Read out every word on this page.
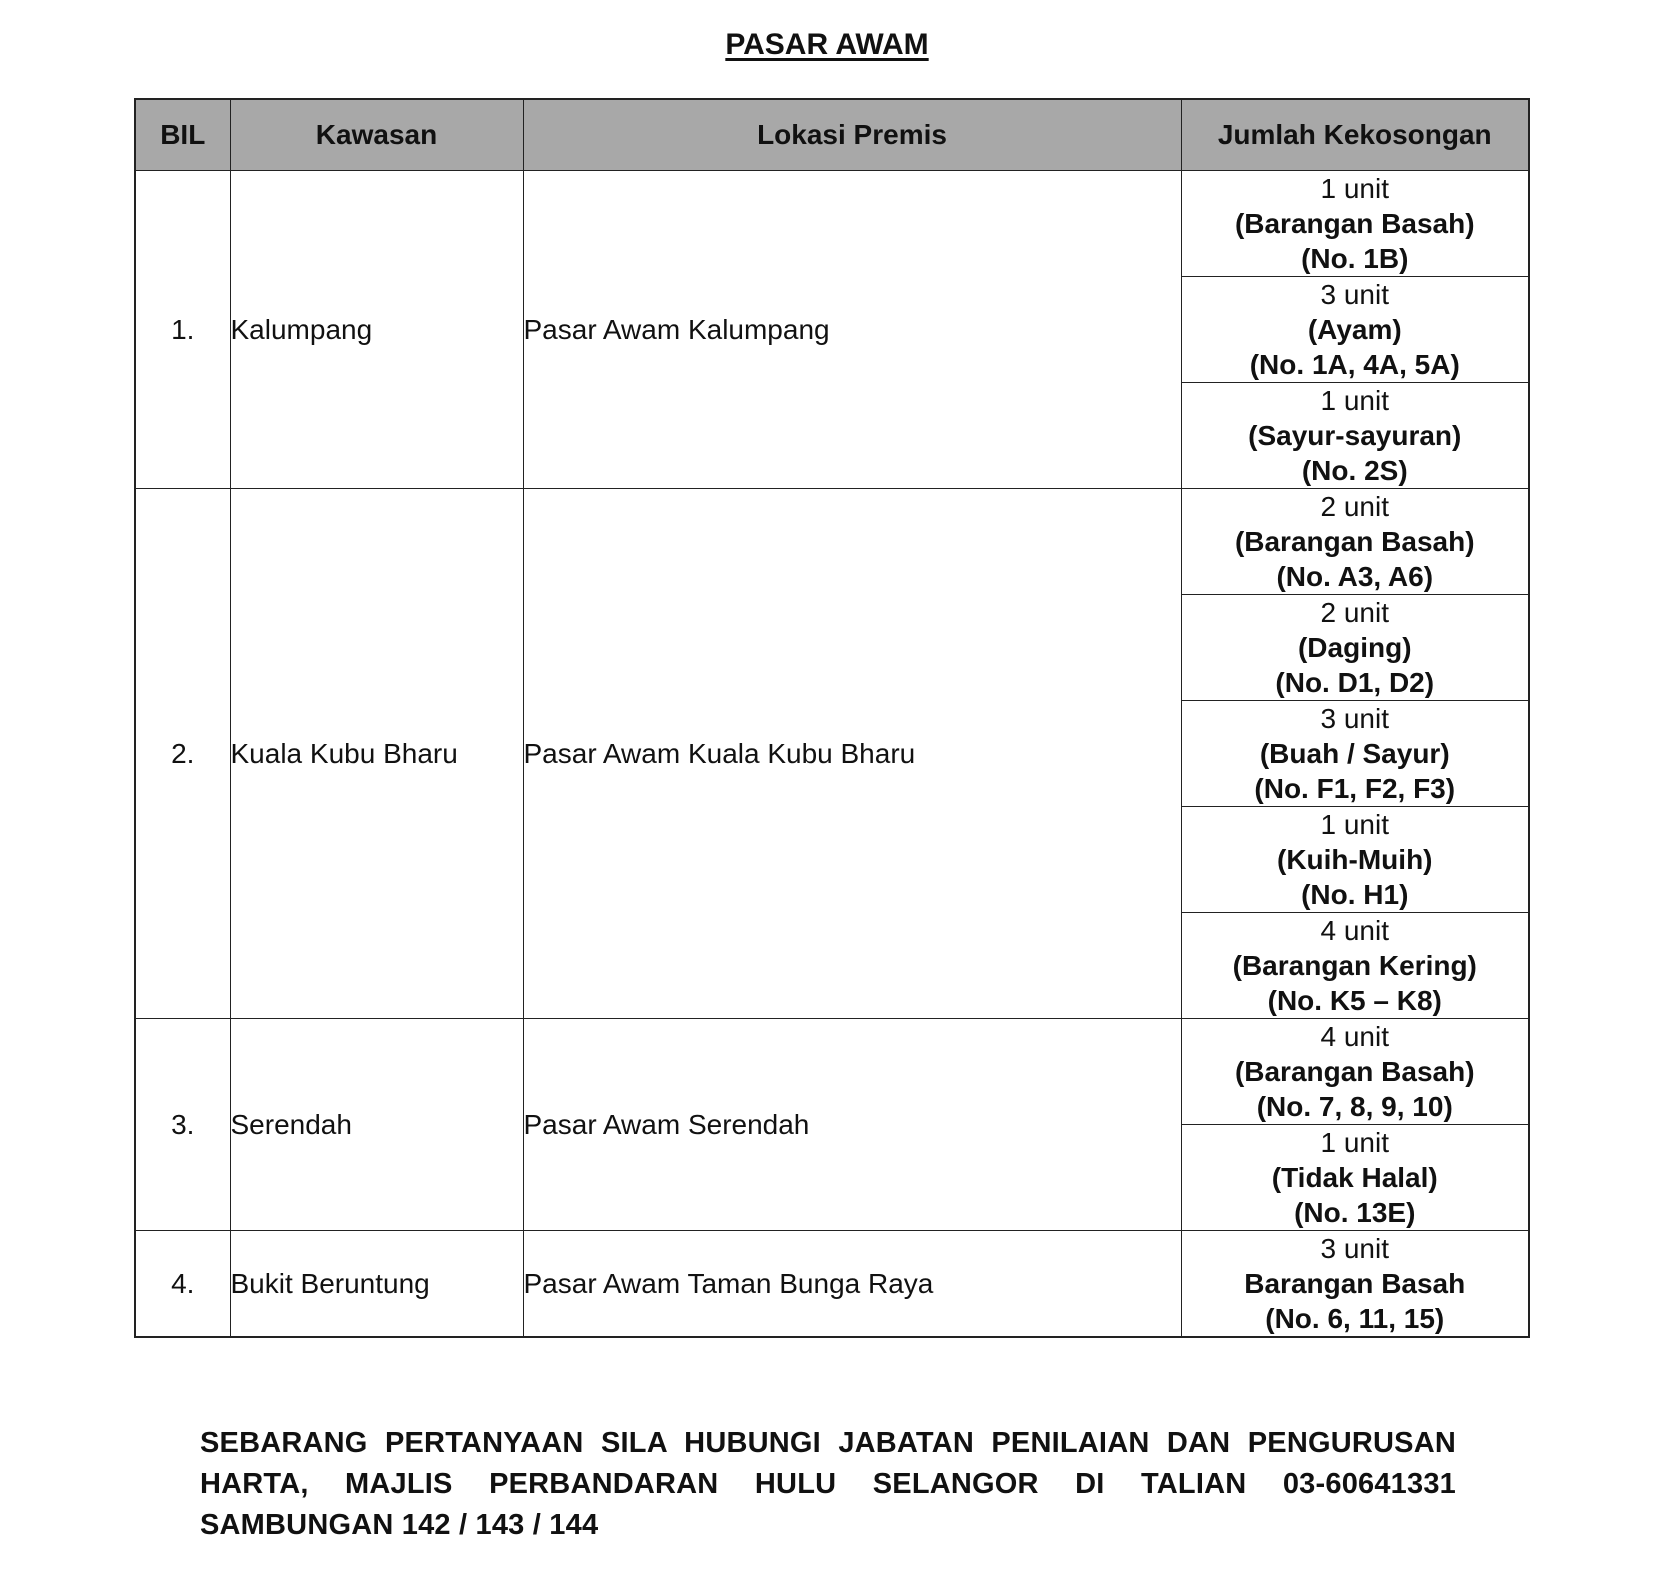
PASAR AWAM
BIL	Kawasan	Lokasi Premis	Jumlah Kekosongan
1.	Kalumpang	Pasar Awam Kalumpang	1 unit
(Barangan Basah)
(No. 1B)

			3 unit
(Ayam)
(No. 1A, 4A, 5A)

			1 unit
(Sayur-sayuran)
(No. 2S)

2.	Kuala Kubu Bharu	Pasar Awam Kuala Kubu Bharu	2 unit
(Barangan Basah)
(No. A3, A6)

			2 unit
(Daging)
(No. D1, D2)

			3 unit
(Buah / Sayur)
(No. F1, F2, F3)

			1 unit
(Kuih-Muih)
(No. H1)

			4 unit
(Barangan Kering)
(No. K5 – K8)

3.	Serendah	Pasar Awam Serendah	4 unit
(Barangan Basah)
(No. 7, 8, 9, 10)

			1 unit
(Tidak Halal)
(No. 13E)

4.	Bukit Beruntung	Pasar Awam Taman Bunga Raya	3 unit
Barangan Basah
(No. 6, 11, 15)
SEBARANG PERTANYAAN SILA HUBUNGI JABATAN PENILAIAN DAN PENGURUSAN
HARTA, MAJLIS PERBANDARAN HULU SELANGOR DI TALIAN 03-60641331
SAMBUNGAN 142 / 143 / 144
